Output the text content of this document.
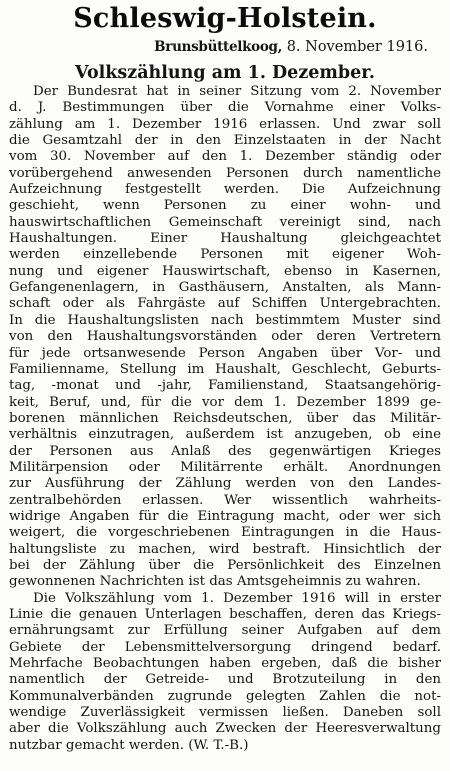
Schleswig-Holstein.
Brunsbüttelkoog, 8. November 1916.
Volkszählung am 1. Dezember.
Der Bundesrat hat in seiner Sitzung vom 2. November
d. J. Bestimmungen über die Vornahme einer Volks-
zählung am 1. Dezember 1916 erlassen. Und zwar soll
die Gesamtzahl der in den Einzelstaaten in der Nacht
vom 30. November auf den 1. Dezember ständig oder
vorübergehend anwesenden Personen durch namentliche
Aufzeichnung festgestellt werden. Die Aufzeichnung
geschieht, wenn Personen zu einer wohn- und
hauswirtschaftlichen Gemeinschaft vereinigt sind, nach
Haushaltungen. Einer Haushaltung gleichgeachtet
werden einzellebende Personen mit eigener Woh-
nung und eigener Hauswirtschaft, ebenso in Kasernen,
Gefangenenlagern, in Gasthäusern, Anstalten, als Mann-
schaft oder als Fahrgäste auf Schiffen Untergebrachten.
In die Haushaltungslisten nach bestimmtem Muster sind
von den Haushaltungsvorständen oder deren Vertretern
für jede ortsanwesende Person Angaben über Vor- und
Familienname, Stellung im Haushalt, Geschlecht, Geburts-
tag, -monat und -jahr, Familienstand, Staatsangehörig-
keit, Beruf, und, für die vor dem 1. Dezember 1899 ge-
borenen männlichen Reichsdeutschen, über das Militär-
verhältnis einzutragen, außerdem ist anzugeben, ob eine
der Personen aus Anlaß des gegenwärtigen Krieges
Militärpension oder Militärrente erhält. Anordnungen
zur Ausführung der Zählung werden von den Landes-
zentralbehörden erlassen. Wer wissentlich wahrheits-
widrige Angaben für die Eintragung macht, oder wer sich
weigert, die vorgeschriebenen Eintragungen in die Haus-
haltungsliste zu machen, wird bestraft. Hinsichtlich der
bei der Zählung über die Persönlichkeit des Einzelnen
gewonnenen Nachrichten ist das Amtsgeheimnis zu wahren.
Die Volkszählung vom 1. Dezember 1916 will in erster
Linie die genauen Unterlagen beschaffen, deren das Kriegs-
ernährungsamt zur Erfüllung seiner Aufgaben auf dem
Gebiete der Lebensmittelversorgung dringend bedarf.
Mehrfache Beobachtungen haben ergeben, daß die bisher
namentlich der Getreide- und Brotzuteilung in den
Kommunalverbänden zugrunde gelegten Zahlen die not-
wendige Zuverlässigkeit vermissen ließen. Daneben soll
aber die Volkszählung auch Zwecken der Heeresverwaltung
nutzbar gemacht werden. (W. T.-B.)
